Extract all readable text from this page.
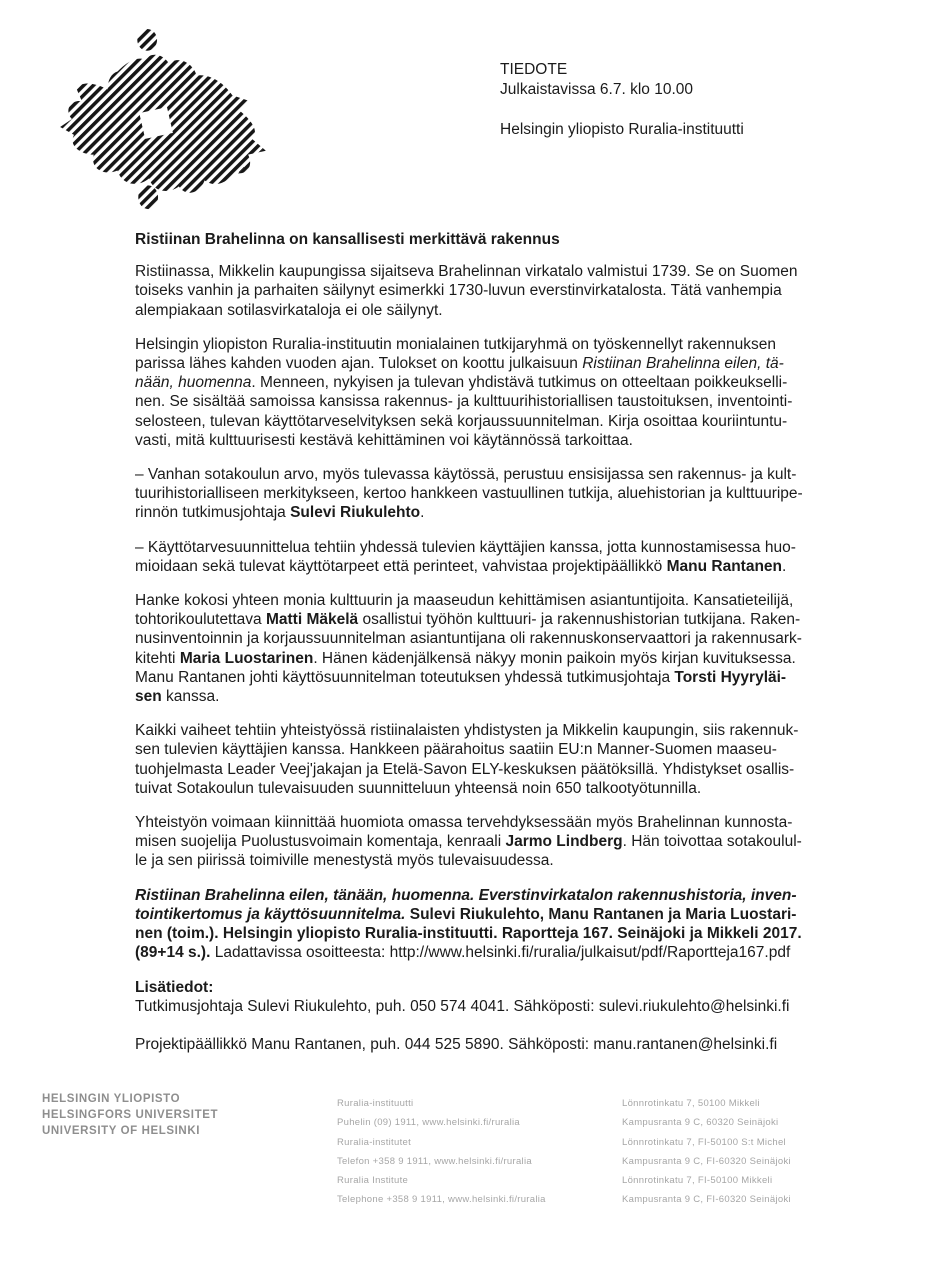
TIEDOTE
Julkaistavissa 6.7. klo 10.00
Helsingin yliopisto Ruralia-instituutti
Ristiinan Brahelinna on kansallisesti merkittävä rakennus
Ristiinassa, Mikkelin kaupungissa sijaitseva Brahelinnan virkatalo valmistui 1739. Se on Suomen
toiseks vanhin ja parhaiten säilynyt esimerkki 1730-luvun everstinvirkatalosta. Tätä vanhempia
alempiakaan sotilasvirkataloja ei ole säilynyt.
Helsingin yliopiston Ruralia-instituutin monialainen tutkijaryhmä on työskennellyt rakennuksen
parissa lähes kahden vuoden ajan. Tulokset on koottu julkaisuun Ristiinan Brahelinna eilen, tä-
nään, huomenna. Menneen, nykyisen ja tulevan yhdistävä tutkimus on otteeltaan poikkeukselli-
nen. Se sisältää samoissa kansissa rakennus- ja kulttuurihistoriallisen taustoituksen, inventointi-
selosteen, tulevan käyttötarveselvityksen sekä korjaussuunnitelman. Kirja osoittaa kouriintuntu-
vasti, mitä kulttuurisesti kestävä kehittäminen voi käytännössä tarkoittaa.
– Vanhan sotakoulun arvo, myös tulevassa käytössä, perustuu ensisijassa sen rakennus- ja kult-
tuurihistorialliseen merkitykseen, kertoo hankkeen vastuullinen tutkija, aluehistorian ja kulttuuripe-
rinnön tutkimusjohtaja Sulevi Riukulehto.
– Käyttötarvesuunnittelua tehtiin yhdessä tulevien käyttäjien kanssa, jotta kunnostamisessa huo-
mioidaan sekä tulevat käyttötarpeet että perinteet, vahvistaa projektipäällikkö Manu Rantanen.
Hanke kokosi yhteen monia kulttuurin ja maaseudun kehittämisen asiantuntijoita. Kansatieteilijä,
tohtorikoulutettava Matti Mäkelä osallistui työhön kulttuuri- ja rakennushistorian tutkijana. Raken-
nusinventoinnin ja korjaussuunnitelman asiantuntijana oli rakennuskonservaattori ja rakennusark-
kitehti Maria Luostarinen. Hänen kädenjälkensä näkyy monin paikoin myös kirjan kuvituksessa.
Manu Rantanen johti käyttösuunnitelman toteutuksen yhdessä tutkimusjohtaja Torsti Hyyryläi-
sen kanssa.
Kaikki vaiheet tehtiin yhteistyössä ristiinalaisten yhdistysten ja Mikkelin kaupungin, siis rakennuk-
sen tulevien käyttäjien kanssa. Hankkeen päärahoitus saatiin EU:n Manner-Suomen maaseu-
tuohjelmasta Leader Veej'jakajan ja Etelä-Savon ELY-keskuksen päätöksillä. Yhdistykset osallis-
tuivat Sotakoulun tulevaisuuden suunnitteluun yhteensä noin 650 talkootyötunnilla.
Yhteistyön voimaan kiinnittää huomiota omassa tervehdyksessään myös Brahelinnan kunnosta-
misen suojelija Puolustusvoimain komentaja, kenraali Jarmo Lindberg. Hän toivottaa sotakoulul-
le ja sen piirissä toimiville menestystä myös tulevaisuudessa.
Ristiinan Brahelinna eilen, tänään, huomenna. Everstinvirkatalon rakennushistoria, inven-
tointikertomus ja käyttösuunnitelma. Sulevi Riukulehto, Manu Rantanen ja Maria Luostari-
nen (toim.). Helsingin yliopisto Ruralia-instituutti. Raportteja 167. Seinäjoki ja Mikkeli 2017.
(89+14 s.). Ladattavissa osoitteesta: http://www.helsinki.fi/ruralia/julkaisut/pdf/Raportteja167.pdf
Lisätiedot:
Tutkimusjohtaja Sulevi Riukulehto, puh. 050 574 4041. Sähköposti: sulevi.riukulehto@helsinki.fi
Projektipäällikkö Manu Rantanen, puh. 044 525 5890. Sähköposti: manu.rantanen@helsinki.fi
HELSINGIN YLIOPISTO
HELSINGFORS UNIVERSITET
UNIVERSITY OF HELSINKI
Ruralia-instituutti
Puhelin (09) 1911, www.helsinki.fi/ruralia
Ruralia-institutet
Telefon +358 9 1911, www.helsinki.fi/ruralia
Ruralia Institute
Telephone +358 9 1911, www.helsinki.fi/ruralia
Lönnrotinkatu 7, 50100 Mikkeli
Kampusranta 9 C, 60320 Seinäjoki
Lönnrotinkatu 7, FI-50100 S:t Michel
Kampusranta 9 C, FI-60320 Seinäjoki
Lönnrotinkatu 7, FI-50100 Mikkeli
Kampusranta 9 C, FI-60320 Seinäjoki
